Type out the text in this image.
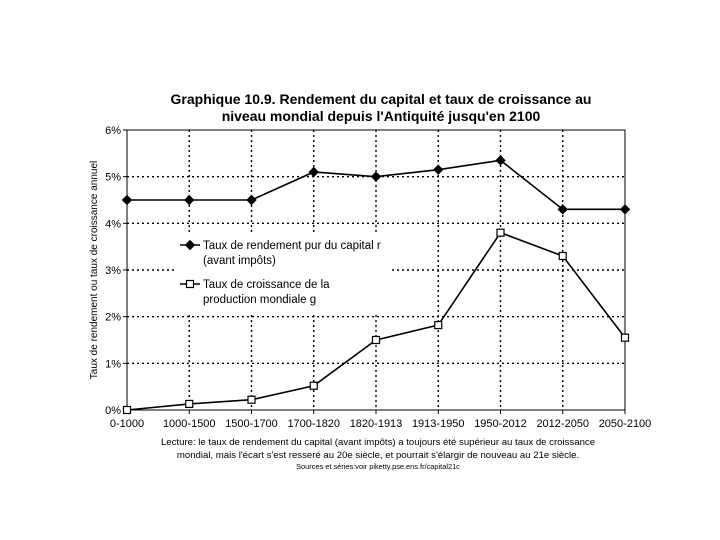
Graphique 10.9. Rendement du capital et taux de croissance au
niveau mondial depuis l'Antiquité jusqu'en 2100
0%
1%
2%
3%
4%
5%
6%
0-1000 1000-1500 1500-1700 1700-1820 1820-1913 1913-1950 1950-2012 2012-2050 2050-2100
Taux de rendement ou taux de croissance annuel	Taux de rendement pur du capital r
(avant impôts)
Taux de croissance de la
production mondiale g
Lecture: le taux de rendement du capital (avant impôts) a toujours été supérieur au taux de croissance
mondial, mais l'écart s'est resseré au 20e siècle, et pourrait s'élargir de nouveau au 21e siècle.
Sources et séries:voir piketty.pse.ens.fr/capital21c
